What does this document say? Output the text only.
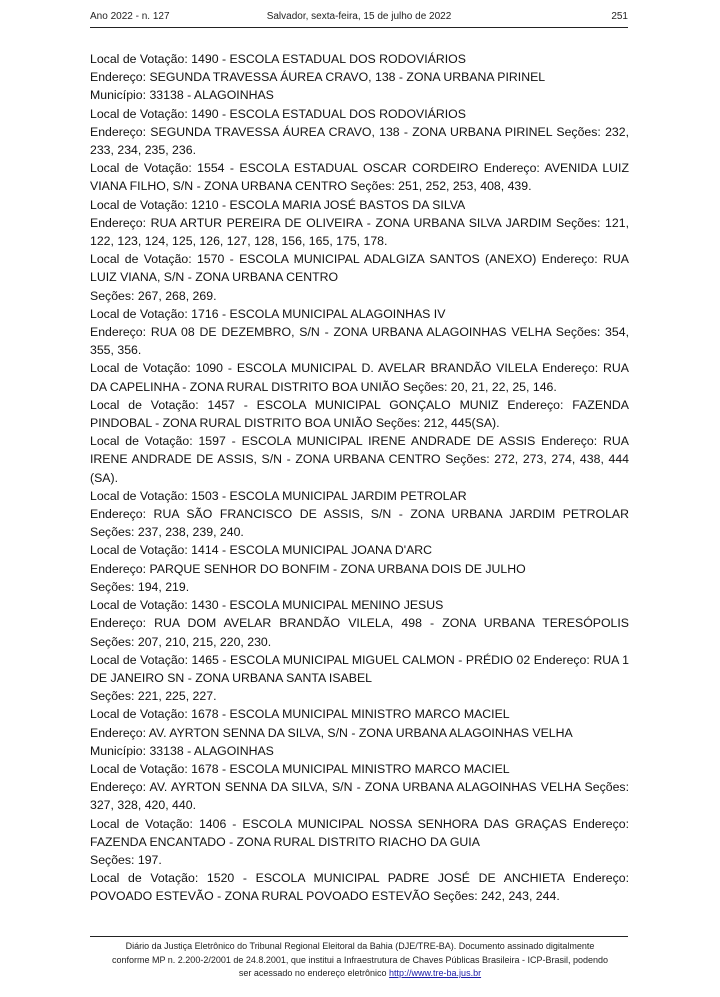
Ano 2022 - n. 127	Salvador, sexta-feira, 15 de julho de 2022	251

Local de Votação: 1490 - ESCOLA ESTADUAL DOS RODOVIÁRIOS

Endereço: SEGUNDA TRAVESSA ÁUREA CRAVO, 138 - ZONA URBANA PIRINEL

Município: 33138 - ALAGOINHAS

Local de Votação: 1490 - ESCOLA ESTADUAL DOS RODOVIÁRIOS

Endereço: SEGUNDA TRAVESSA ÁUREA CRAVO, 138 - ZONA URBANA PIRINEL Seções: 232, 233, 234, 235, 236.

Local de Votação: 1554 - ESCOLA ESTADUAL OSCAR CORDEIRO Endereço: AVENIDA LUIZ VIANA FILHO, S/N - ZONA URBANA CENTRO Seções: 251, 252, 253, 408, 439.

Local de Votação: 1210 - ESCOLA MARIA JOSÉ BASTOS DA SILVA

Endereço: RUA ARTUR PEREIRA DE OLIVEIRA - ZONA URBANA SILVA JARDIM Seções: 121, 122, 123, 124, 125, 126, 127, 128, 156, 165, 175, 178.

Local de Votação: 1570 - ESCOLA MUNICIPAL ADALGIZA SANTOS (ANEXO) Endereço: RUA LUIZ VIANA, S/N - ZONA URBANA CENTRO

Seções: 267, 268, 269.

Local de Votação: 1716 - ESCOLA MUNICIPAL ALAGOINHAS IV

Endereço: RUA 08 DE DEZEMBRO, S/N - ZONA URBANA ALAGOINHAS VELHA Seções: 354, 355, 356.

Local de Votação: 1090 - ESCOLA MUNICIPAL D. AVELAR BRANDÃO VILELA Endereço: RUA DA CAPELINHA - ZONA RURAL DISTRITO BOA UNIÃO Seções: 20, 21, 22, 25, 146.

Local de Votação: 1457 - ESCOLA MUNICIPAL GONÇALO MUNIZ Endereço: FAZENDA PINDOBAL - ZONA RURAL DISTRITO BOA UNIÃO Seções: 212, 445(SA).

Local de Votação: 1597 - ESCOLA MUNICIPAL IRENE ANDRADE DE ASSIS Endereço: RUA IRENE ANDRADE DE ASSIS, S/N - ZONA URBANA CENTRO Seções: 272, 273, 274, 438, 444 (SA).

Local de Votação: 1503 - ESCOLA MUNICIPAL JARDIM PETROLAR

Endereço: RUA SÃO FRANCISCO DE ASSIS, S/N - ZONA URBANA JARDIM PETROLAR Seções: 237, 238, 239, 240.

Local de Votação: 1414 - ESCOLA MUNICIPAL JOANA D'ARC

Endereço: PARQUE SENHOR DO BONFIM - ZONA URBANA DOIS DE JULHO

Seções: 194, 219.

Local de Votação: 1430 - ESCOLA MUNICIPAL MENINO JESUS

Endereço: RUA DOM AVELAR BRANDÃO VILELA, 498 - ZONA URBANA TERESÓPOLIS Seções: 207, 210, 215, 220, 230.

Local de Votação: 1465 - ESCOLA MUNICIPAL MIGUEL CALMON - PRÉDIO 02 Endereço: RUA 1 DE JANEIRO SN - ZONA URBANA SANTA ISABEL

Seções: 221, 225, 227.

Local de Votação: 1678 - ESCOLA MUNICIPAL MINISTRO MARCO MACIEL

Endereço: AV. AYRTON SENNA DA SILVA, S/N - ZONA URBANA ALAGOINHAS VELHA

Município: 33138 - ALAGOINHAS

Local de Votação: 1678 - ESCOLA MUNICIPAL MINISTRO MARCO MACIEL

Endereço: AV. AYRTON SENNA DA SILVA, S/N - ZONA URBANA ALAGOINHAS VELHA Seções: 327, 328, 420, 440.

Local de Votação: 1406 - ESCOLA MUNICIPAL NOSSA SENHORA DAS GRAÇAS Endereço: FAZENDA ENCANTADO - ZONA RURAL DISTRITO RIACHO DA GUIA

Seções: 197.

Local de Votação: 1520 - ESCOLA MUNICIPAL PADRE JOSÉ DE ANCHIETA Endereço: POVOADO ESTEVÃO - ZONA RURAL POVOADO ESTEVÃO Seções: 242, 243, 244.

Diário da Justiça Eletrônico do Tribunal Regional Eleitoral da Bahia (DJE/TRE-BA). Documento assinado digitalmente

conforme MP n. 2.200-2/2001 de 24.8.2001, que institui a Infraestrutura de Chaves Públicas Brasileira - ICP-Brasil, podendo

ser acessado no endereço eletrônico http://www.tre-ba.jus.br
